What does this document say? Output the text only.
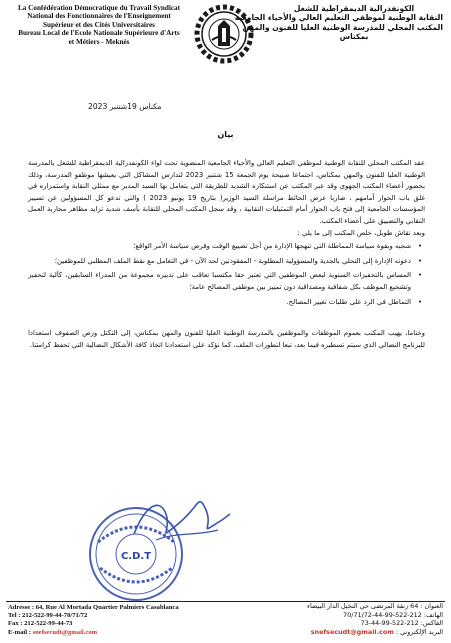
La Confédération Démocratique du Travail Syndicat
National des Fonctionnaires de l'Enseignement
Supérieur et des Cités Universitaires
Bureau Local de l'Ecole Nationale Supérieure d'Arts
et Métiers - Meknès
الكونفدرالية الديمقراطية للشغل
النقابة الوطنية لموظفي التعليم العالي والأحياء الجامعية
المكتب المحلي للمدرسة الوطنية العليا للفنون والمهن
بمكناس
مكناس 19شتنبر 2023
بيان
عقد المكتب المحلي للنقابة الوطنية لموظفي التعليم العالي والأحياء الجامعية المنضوية تحت لواء الكونفدرالية الديمقراطية للشغل بالمدرسة الوطنية العليا للفنون والمهن بمكناس، اجتماعا صبيحة يوم الجمعة 15 شتنبر 2023 لتدارس المشاكل التي يعيشها موظفو المدرسة، وذلك بحضور أعضاء المكتب الجهوي وقد عبر المكتب عن استنكاره الشديد للطريقة التي يتعامل بها السيد المدير مع ممثلي النقابة واستمراره في غلق باب الحوار أمامهم ، ضاربا عرض الحائط مراسلة السيد الوزير( بتاريخ 19 يونيو 2023 ) والتي تدعو كل المسؤولين عن تسيير المؤسسات الجامعية إلى فتح باب الحوار أمام التمثيليات النقابية ، وقد سجل المكتب المحلي للنقابة بأسف شديد تزايد مظاهر محاربة العمل النقابي والتضييق على أعضاء المكتب.
وبعد نقاش طويل، خلص المكتب إلى ما يلي :
• شجبه وبقوة سياسة المماطلة التي تنهجها الإدارة من أجل تضييع الوقت وفرض سياسة الأمر الواقع؛
• دعوته الإدارة إلى التحلي بالجدية والمسؤولية المطلوبة - المفقودتين لحد الآن - في التعامل مع نقط الملف المطلبي للموظفين؛
• المساس بالتحفيزات السنوية لبعض الموظفين التي تعتبر حقا مكتسبا تعاقب على تدبيره مجموعة من المدراء السابقين، كآلية لتحفيز وتشجيع الموظف بكل شفافية ومصداقية دون تمييز بين موظفي المصالح عامة؛
• التماطل في الرد على طلبات تغيير المصالح.
وختاما، يهيب المكتب بعموم الموظفات والموظفين بالمدرسة الوطنية العليا للفنون والمهن بمكناس، إلى التكتل ورص الصفوف استعدادا للبرنامج النضالي الذي سيتم تسطيره فيما بعد، تبعا لتطورات الملف، كما نؤكد على استعدادنا اتخاذ كافة الأشكال النضالية التي تحفظ كرامتنا.
C.D.T
Adresse : 64, Rue Al Mortada Quartier Palmiers Casablanca
Tel : 212-522-99-44-70/71/72
Fax : 212-522-99-44-73
E-mail : snefsecudt@gmail.com
العنوان : 64 زنقة المرتضى حي النخيل الدار البيضاء
الهاتف: 212-522-99-44-70/71/72
الفاكس: 212-522-99-44-73
البريد الإلكتروني : snefsecudt@gmail.com
